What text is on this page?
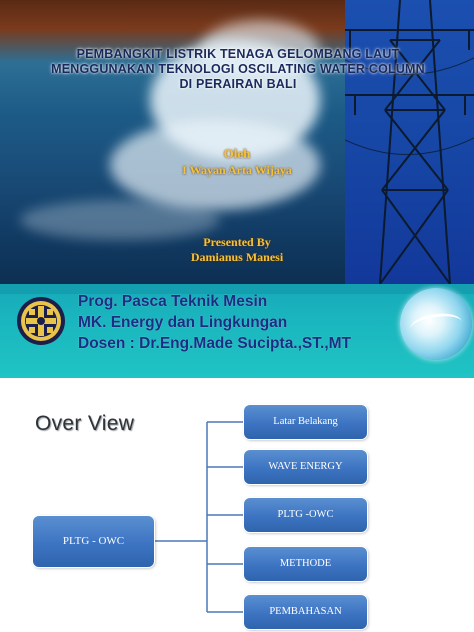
PEMBANGKIT LISTRIK TENAGA GELOMBANG LAUT
MENGGUNAKAN TEKNOLOGI OSCILATING WATER COLUMN
DI PERAIRAN BALI
Oleh
I Wayan Arta Wijaya
Presented By
Damianus Manesi
Prog. Pasca Teknik Mesin
MK. Energy dan Lingkungan
Dosen : Dr.Eng.Made Sucipta.,ST.,MT
Over View
PLTG - OWC
Latar Belakang
WAVE ENERGY
PLTG -OWC
METHODE
PEMBAHASAN
